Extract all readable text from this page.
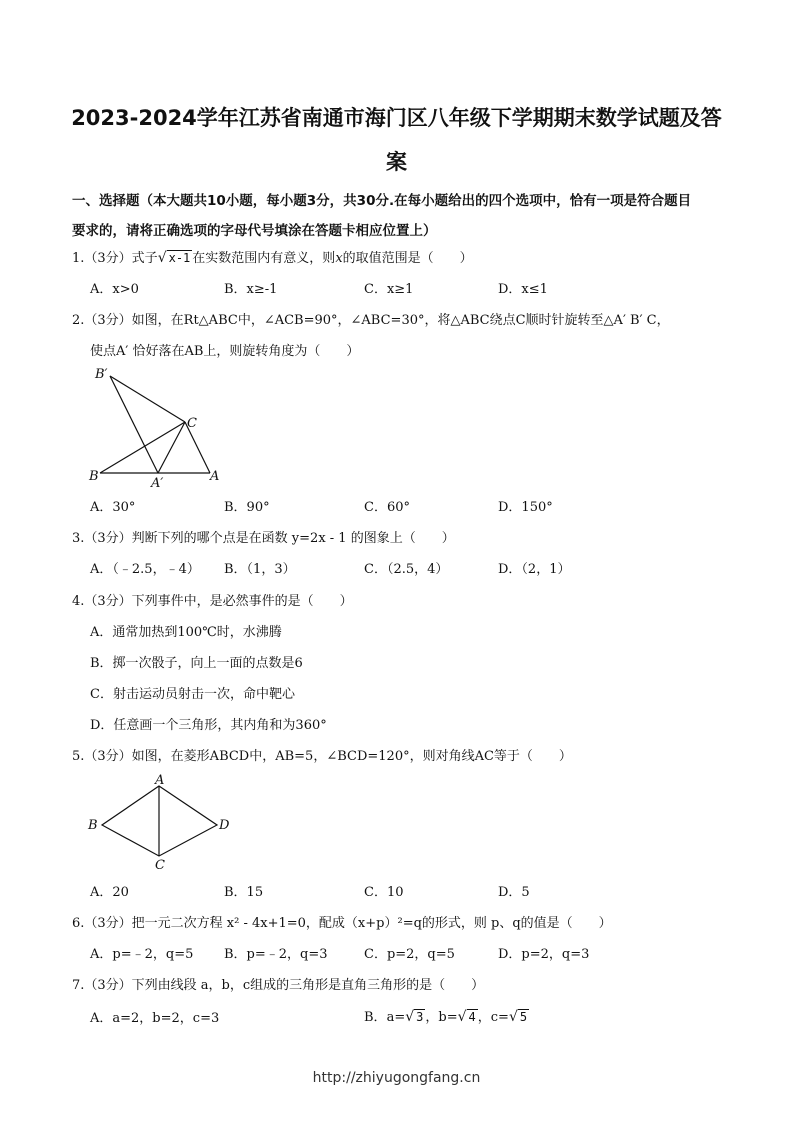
2023-2024学年江苏省南通市海门区八年级下学期期末数学试题及答
案
一、选择题（本大题共10小题，每小题3分，共30分.在每小题给出的四个选项中，恰有一项是符合题目
要求的，请将正确选项的字母代号填涂在答题卡相应位置上）
1.（3分）式子√ x-1 在实数范围内有意义，则x的取值范围是（　　）
A．x>0	B．x≥-1	C．x≥1	D．x≤1
2.（3分）如图，在Rt△ABC中，∠ACB=90°，∠ABC=30°，将△ABC绕点C顺时针旋转至△A′ B′ C，
使点A′ 恰好落在AB上，则旋转角度为（　　）
B′
C
B	A′	A
A．30°	B．90°	C．60°	D．150°
3.（3分）判断下列的哪个点是在函数 y=2x - 1 的图象上（　　）
A．（﹣2.5，﹣4） B．（1，3）	C．（2.5，4）	D．（2，1）
4.（3分）下列事件中，是必然事件的是（　　）
A．通常加热到100℃时，水沸腾
B．掷一次骰子，向上一面的点数是6
C．射击运动员射击一次，命中靶心
D．任意画一个三角形，其内角和为360°
5.（3分）如图，在菱形ABCD中，AB=5，∠BCD=120°，则对角线AC等于（　　）
A
B
C
D
A．20	B．15	C．10	D．5
6.（3分）把一元二次方程 x² - 4x+1=0，配成（x+p）²=q的形式，则 p、q的值是（　　）
A．p=﹣2，q=5 B．p=﹣2，q=3	C．p=2，q=5	D．p=2，q=3
7.（3分）下列由线段 a，b，c组成的三角形是直角三角形的是（　　）
A．a=2，b=2，c=3	B．a=√ 3 ，b=√ 4 ，c=√ 5
http://zhiyugongfang.cn
